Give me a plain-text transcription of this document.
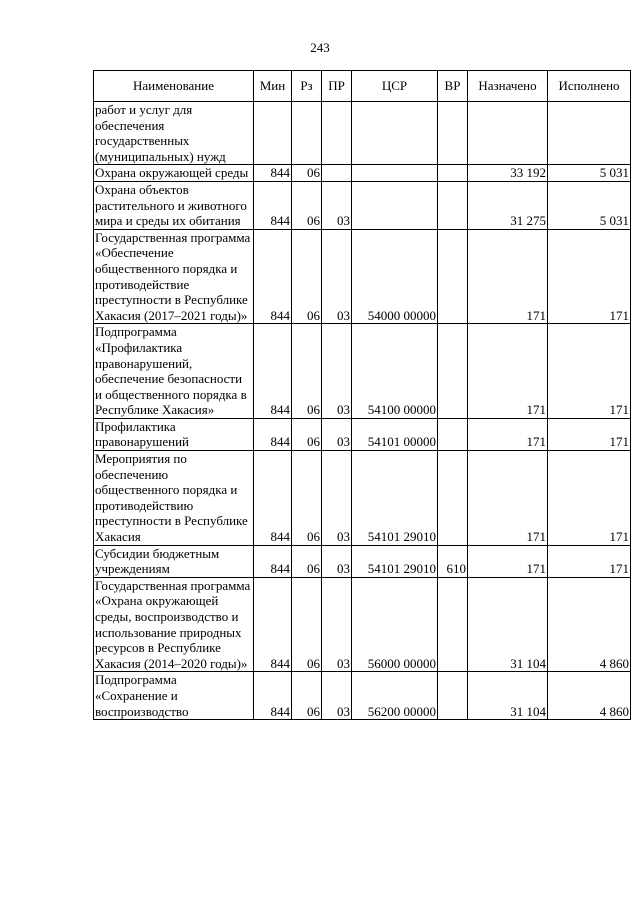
243
Наименование	Мин	Рз	ПР	ЦСР	ВР	Назначено	Исполнено
работ и услуг для обеспечения государственных (муниципальных) нужд							
Охрана окружающей среды	844	06				33 192	5 031
Охрана объектов растительного и животного мира и среды их обитания	844	06	03			31 275	5 031
Государственная программа «Обеспечение общественного порядка и противодействие преступности в Республике Хакасия (2017–2021 годы)»	844	06	03	54000 00000		171	171
Подпрограмма «Профилактика правонарушений, обеспечение безопасности и общественного порядка в Республике Хакасия»	844	06	03	54100 00000		171	171
Профилактика правонарушений	844	06	03	54101 00000		171	171
Мероприятия по обеспечению общественного порядка и противодействию преступности в Республике Хакасия	844	06	03	54101 29010		171	171
Субсидии бюджетным учреждениям	844	06	03	54101 29010	610	171	171
Государственная программа «Охрана окружающей среды, воспроизводство и использование природных ресурсов в Республике Хакасия (2014–2020 годы)»	844	06	03	56000 00000		31 104	4 860
Подпрограмма «Сохранение и воспроизводство	844	06	03	56200 00000		31 104	4 860
